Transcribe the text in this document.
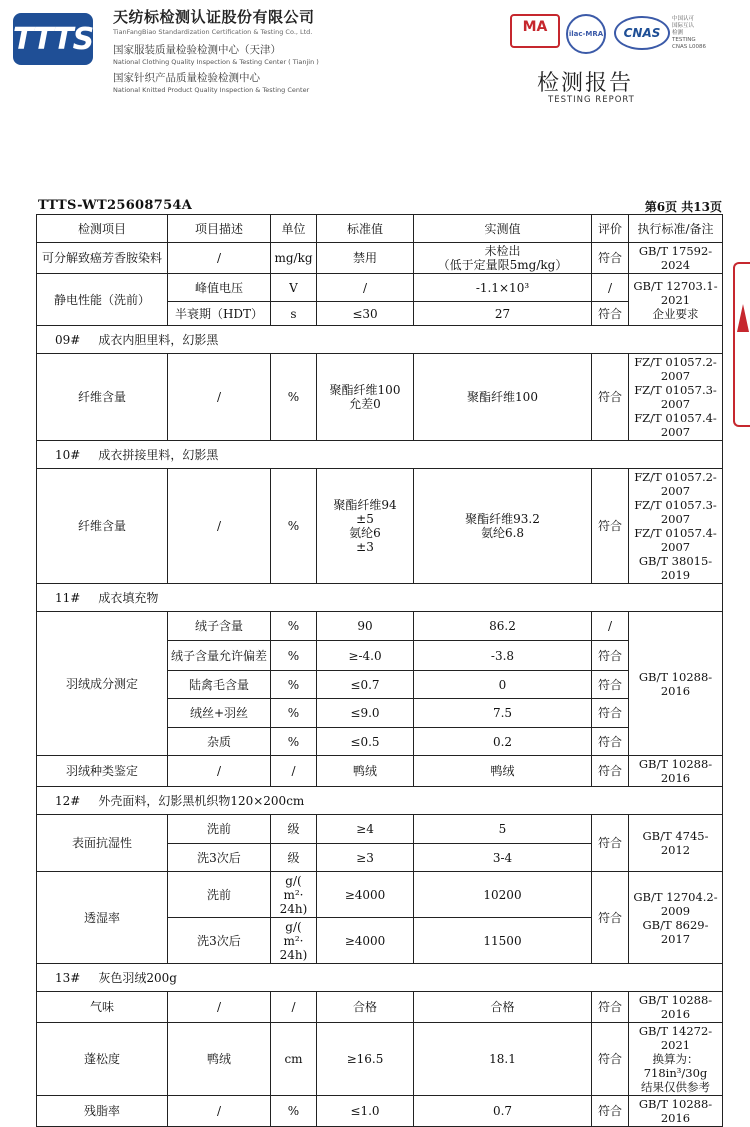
TTTS
天纺标检测认证股份有限公司
TianFangBiao Standardization Certification & Testing Co., Ltd.
国家服装质量检验检测中心（天津）
National Clothing Quality Inspection & Testing Center ( Tianjin )
国家针织产品质量检验检测中心
National Knitted Product Quality Inspection & Testing Center
MA	ilac-MRA	CNAS
中国认可
国际互认
检测
TESTING
CNAS L0086
检测报告
TESTING REPORT
TTTS-WT25608754A	第6页 共13页
检测项目	项目描述	单位	标准值	实测值	评价	执行标准/备注
可分解致癌芳香胺染料	/	mg/kg	禁用	未检出
（低于定量限5mg/kg）	符合	GB/T 17592-2024
静电性能（洗前）	峰值电压	V	/	-1.1×10³	/	GB/T 12703.1-2021
企业要求
	半衰期（HDT）	s	≤30	27	符合	
09# 成衣内胆里料，幻影黑						
纤维含量	/	%	聚酯纤维100
允差0	聚酯纤维100	符合	FZ/T 01057.2-2007
FZ/T 01057.3-2007
FZ/T 01057.4-2007
10# 成衣拼接里料，幻影黑						
纤维含量	/	%	聚酯纤维94
±5
氨纶6
±3	聚酯纤维93.2
氨纶6.8	符合	FZ/T 01057.2-2007
FZ/T 01057.3-2007
FZ/T 01057.4-2007
GB/T 38015-2019
11# 成衣填充物						
羽绒成分测定	绒子含量	%	90	86.2	/	GB/T 10288-2016
	绒子含量允许偏差	%	≥-4.0	-3.8	符合	
	陆禽毛含量	%	≤0.7	0	符合	
	绒丝+羽丝	%	≤9.0	7.5	符合	
	杂质	%	≤0.5	0.2	符合	
羽绒种类鉴定	/	/	鸭绒	鸭绒	符合	GB/T 10288-2016
12# 外壳面料，幻影黑机织物120×200cm						
表面抗湿性	洗前	级	≥4	5	符合	GB/T 4745-2012
	洗3次后	级	≥3	3-4		
透湿率	洗前	g/(
m²·
24h)	≥4000	10200	符合	GB/T 12704.2-2009
GB/T 8629-2017
	洗3次后	g/(
m²·
24h)	≥4000	11500		
13# 灰色羽绒200g						
气味	/	/	合格	合格	符合	GB/T 10288-2016
蓬松度	鸭绒	cm	≥16.5	18.1	符合	GB/T 14272-2021
换算为：
718in³/30g
结果仅供参考
残脂率	/	%	≤1.0	0.7	符合	GB/T 10288-2016
